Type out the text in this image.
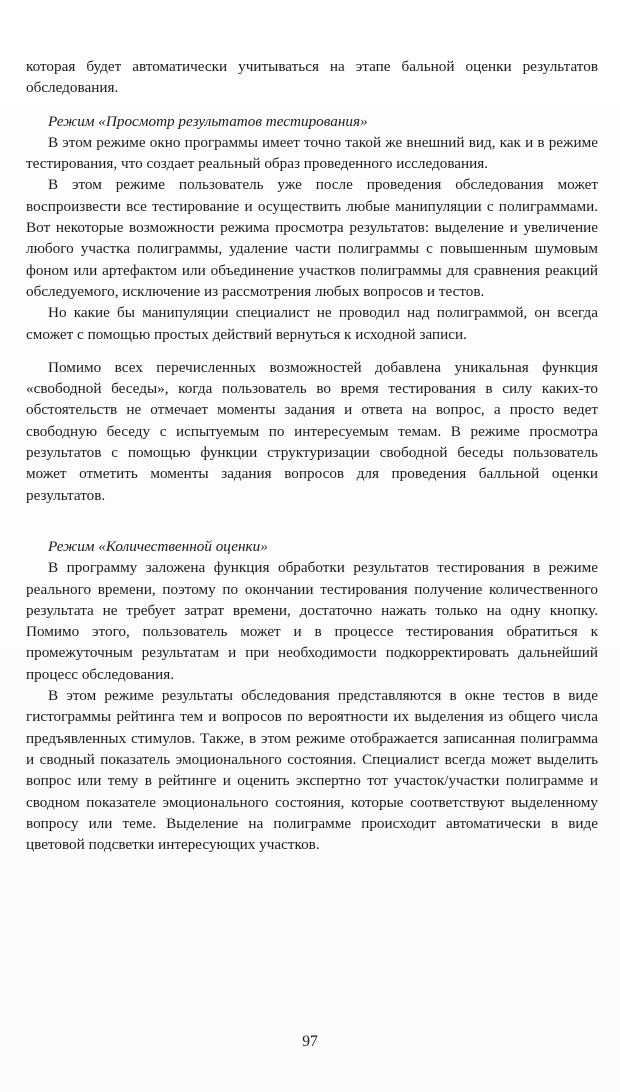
которая будет автоматически учитываться на этапе бальной оценки результатов обследования.

Режим «Просмотр результатов тестирования»

В этом режиме окно программы имеет точно такой же внешний вид, как и в режиме тестирования, что создает реальный образ проведенного исследования.

В этом режиме пользователь уже после проведения обследования может воспроизвести все тестирование и осуществить любые манипуляции с полиграммами. Вот некоторые возможности режима просмотра результатов: выделение и увеличение любого участка полиграммы, удаление части полиграммы с повышенным шумовым фоном или артефактом или объединение участков полиграммы для сравнения реакций обследуемого, исключение из рассмотрения любых вопросов и тестов.

Но какие бы манипуляции специалист не проводил над полиграммой, он всегда сможет с помощью простых действий вернуться к исходной записи.

Помимо всех перечисленных возможностей добавлена уникальная функция «свободной беседы», когда пользователь во время тестирования в силу каких-то обстоятельств не отмечает моменты задания и ответа на вопрос, а просто ведет свободную беседу с испытуемым по интересуемым темам. В режиме просмотра результатов с помощью функции структуризации свободной беседы пользователь может отметить моменты задания вопросов для проведения балльной оценки результатов.

Режим «Количественной оценки»

В программу заложена функция обработки результатов тестирования в режиме реального времени, поэтому по окончании тестирования получение количественного результата не требует затрат времени, достаточно нажать только на одну кнопку. Помимо этого, пользователь может и в процессе тестирования обратиться к промежуточным результатам и при необходимости подкорректировать дальнейший процесс обследования.

В этом режиме результаты обследования представляются в окне тестов в виде гистограммы рейтинга тем и вопросов по вероятности их выделения из общего числа предъявленных стимулов. Также, в этом режиме отображается записанная полиграмма и сводный показатель эмоционального состояния. Специалист всегда может выделить вопрос или тему в рейтинге и оценить экспертно тот участок/участки полиграмме и сводном показателе эмоционального состояния, которые соответствуют выделенному вопросу или теме. Выделение на полиграмме происходит автоматически в виде цветовой подсветки интересующих участков.

97
